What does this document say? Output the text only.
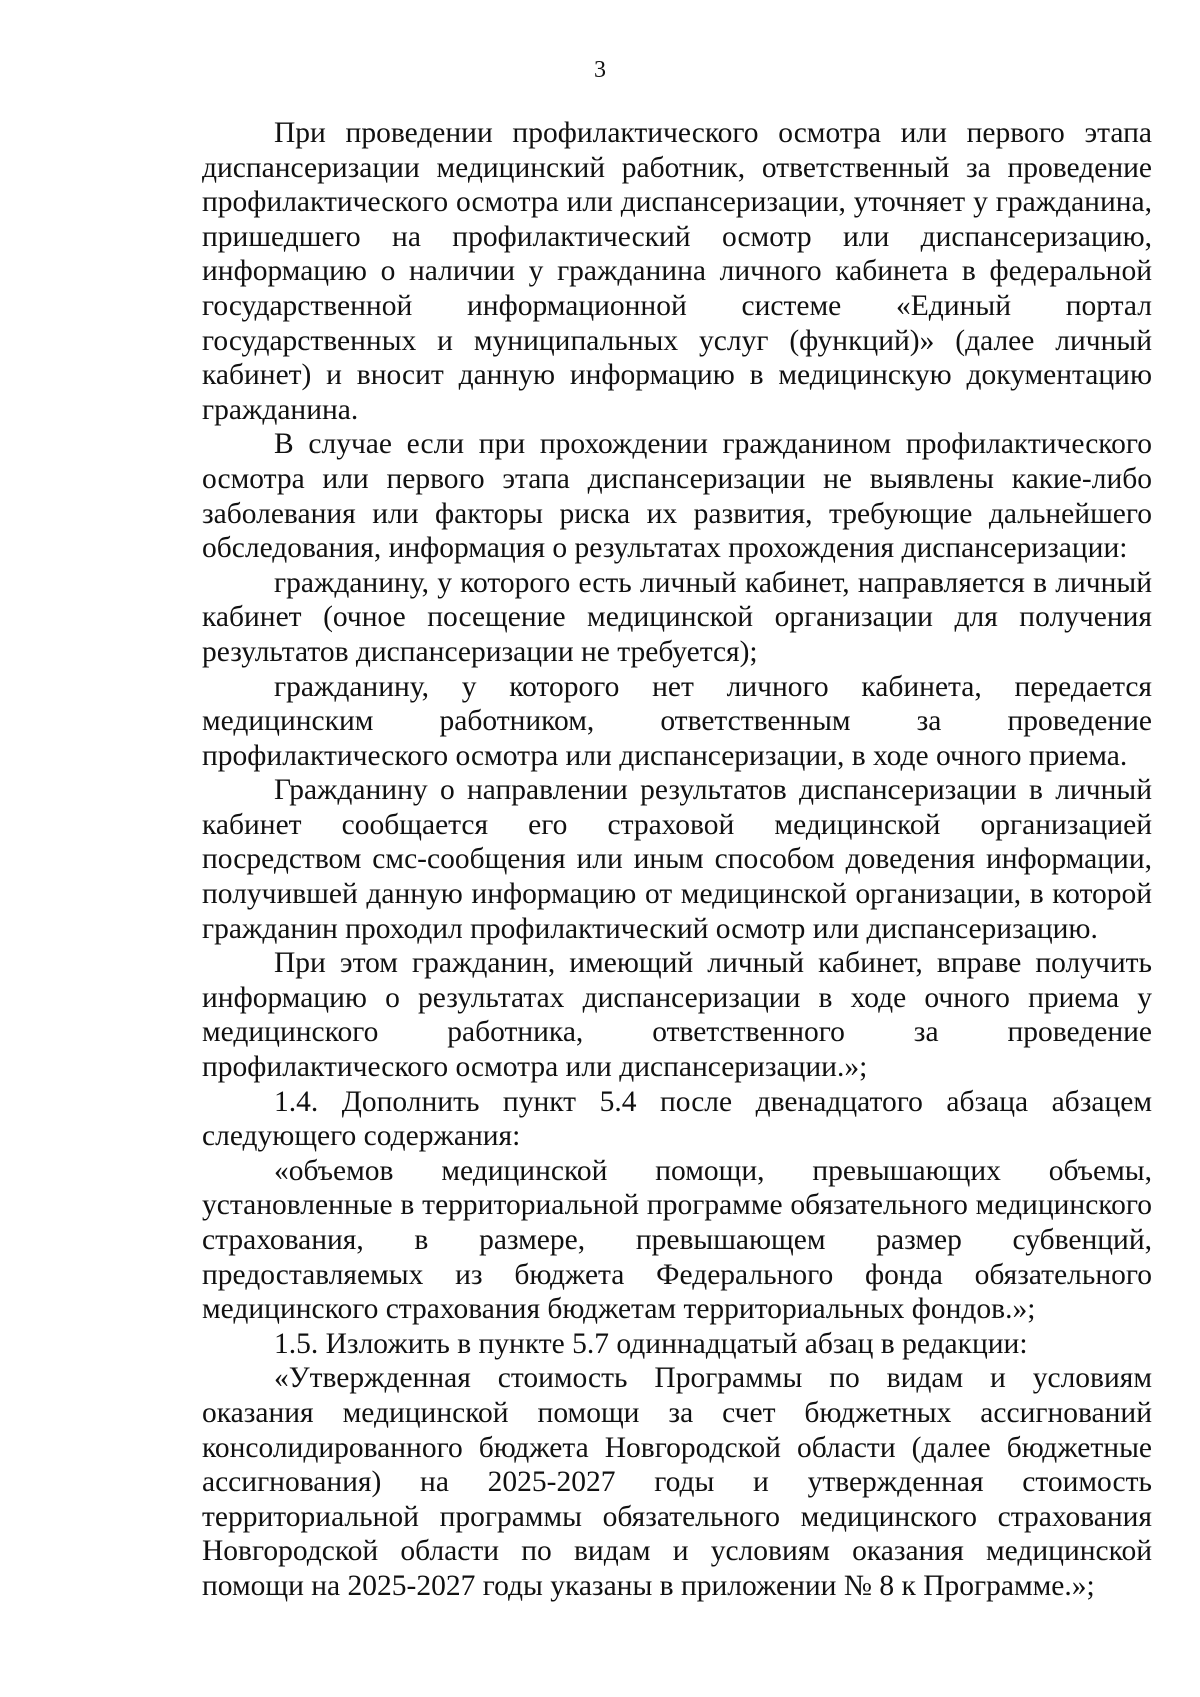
3

При проведении профилактического осмотра или первого этапа диспансеризации медицинский работник, ответственный за проведение профилактического осмотра или диспансеризации, уточняет у гражданина, пришедшего на профилактический осмотр или диспансеризацию, информацию о наличии у гражданина личного кабинета в федеральной государственной информационной системе «Единый портал государственных и муниципальных услуг (функций)» (далее личный кабинет) и вносит данную информацию в медицинскую документацию гражданина.

В случае если при прохождении гражданином профилактического осмотра или первого этапа диспансеризации не выявлены какие-либо заболевания или факторы риска их развития, требующие дальнейшего обследования, информация о результатах прохождения диспансеризации:

гражданину, у которого есть личный кабинет, направляется в личный кабинет (очное посещение медицинской организации для получения результатов диспансеризации не требуется);

гражданину, у которого нет личного кабинета, передается медицинским работником, ответственным за проведение профилактического осмотра или диспансеризации, в ходе очного приема.

Гражданину о направлении результатов диспансеризации в личный кабинет сообщается его страховой медицинской организацией посредством смс-сообщения или иным способом доведения информации, получившей данную информацию от медицинской организации, в которой гражданин проходил профилактический осмотр или диспансеризацию.

При этом гражданин, имеющий личный кабинет, вправе получить информацию о результатах диспансеризации в ходе очного приема у медицинского работника, ответственного за проведение профилактического осмотра или диспансеризации.»;

1.4. Дополнить пункт 5.4 после двенадцатого абзаца абзацем следующего содержания:

«объемов медицинской помощи, превышающих объемы, установленные в территориальной программе обязательного медицинского страхования, в размере, превышающем размер субвенций, предоставляемых из бюджета Федерального фонда обязательного медицинского страхования бюджетам территориальных фондов.»;

1.5. Изложить в пункте 5.7 одиннадцатый абзац в редакции:

«Утвержденная стоимость Программы по видам и условиям оказания медицинской помощи за счет бюджетных ассигнований консолидированного бюджета Новгородской области (далее бюджетные ассигнования) на 2025-2027 годы и утвержденная стоимость территориальной программы обязательного медицинского страхования Новгородской области по видам и условиям оказания медицинской помощи на 2025-2027 годы указаны в приложении № 8 к Программе.»;
